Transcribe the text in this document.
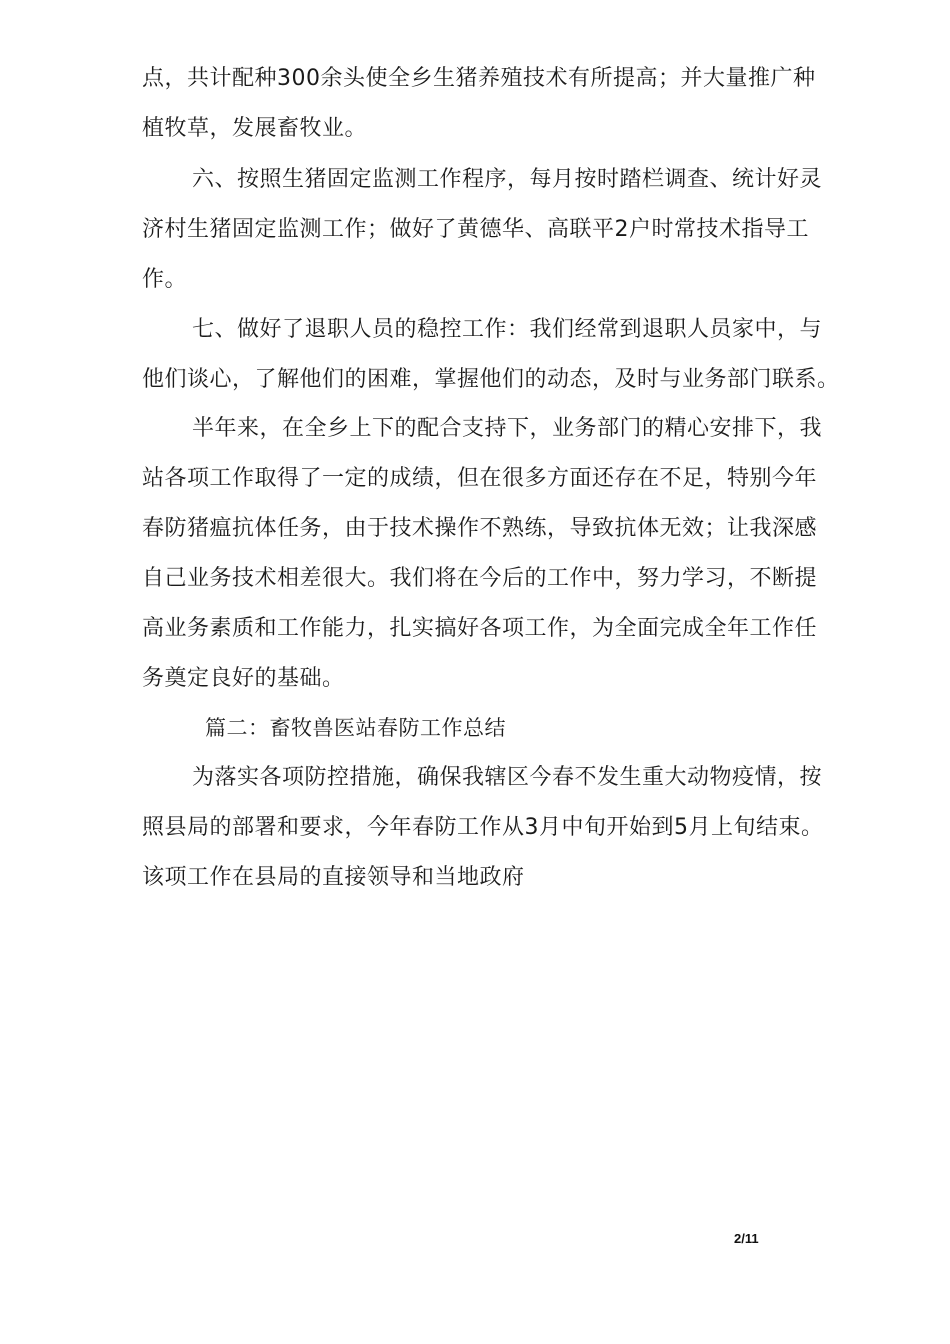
点，共计配种300余头使全乡生猪养殖技术有所提高；并大量推广种

植牧草，发展畜牧业。

六、按照生猪固定监测工作程序，每月按时踏栏调查、统计好灵

济村生猪固定监测工作；做好了黄德华、高联平2户时常技术指导工

作。

七、做好了退职人员的稳控工作：我们经常到退职人员家中，与

他们谈心，了解他们的困难，掌握他们的动态，及时与业务部门联系。

半年来，在全乡上下的配合支持下，业务部门的精心安排下，我

站各项工作取得了一定的成绩，但在很多方面还存在不足，特别今年

春防猪瘟抗体任务，由于技术操作不熟练，导致抗体无效；让我深感

自己业务技术相差很大。我们将在今后的工作中，努力学习，不断提

高业务素质和工作能力，扎实搞好各项工作，为全面完成全年工作任

务奠定良好的基础。

篇二：畜牧兽医站春防工作总结

为落实各项防控措施，确保我辖区今春不发生重大动物疫情，按

照县局的部署和要求，今年春防工作从3月中旬开始到5月上旬结束。

该项工作在县局的直接领导和当地政府

2/11
